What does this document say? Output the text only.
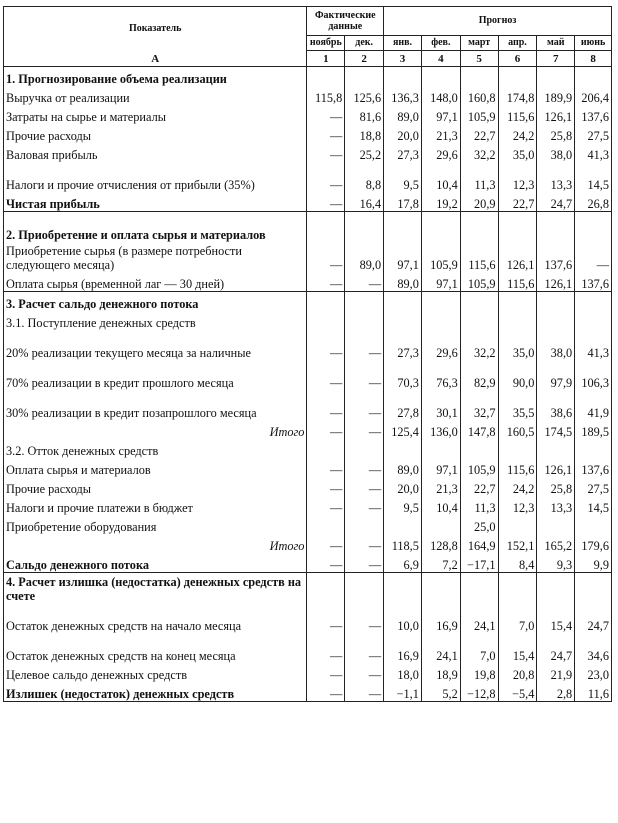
Показатель	Фактические данные		Прогноз					
	ноябрь	дек.	янв.	фев.	март	апр.	май	июнь
А	1	2	3	4	5	6	7	8
1. Прогнозирование объема реализации								
Выручка от реализации	115,8	125,6	136,3	148,0	160,8	174,8	189,9	206,4
Затраты на сырье и материалы	—	81,6	89,0	97,1	105,9	115,6	126,1	137,6
Прочие расходы	—	18,8	20,0	21,3	22,7	24,2	25,8	27,5
Валовая прибыль	—	25,2	27,3	29,6	32,2	35,0	38,0	41,3
Налоги и прочие отчисления от прибыли (35%)	—	8,8	9,5	10,4	11,3	12,3	13,3	14,5
Чистая прибыль	—	16,4	17,8	19,2	20,9	22,7	24,7	26,8
2. Приобретение и оплата сырья и материалов								
Приобретение сырья (в размере потребности следующего месяца)	—	89,0	97,1	105,9	115,6	126,1	137,6	—
Оплата сырья (временной лаг — 30 дней)	—	—	89,0	97,1	105,9	115,6	126,1	137,6
3. Расчет сальдо денежного потока								
3.1. Поступление денежных средств								
20% реализации текущего месяца за наличные	—	—	27,3	29,6	32,2	35,0	38,0	41,3
70% реализации в кредит прошлого месяца	—	—	70,3	76,3	82,9	90,0	97,9	106,3
30% реализации в кредит позапрошлого месяца	—	—	27,8	30,1	32,7	35,5	38,6	41,9
Итого	—	—	125,4	136,0	147,8	160,5	174,5	189,5
3.2. Отток денежных средств								
Оплата сырья и материалов	—	—	89,0	97,1	105,9	115,6	126,1	137,6
Прочие расходы	—	—	20,0	21,3	22,7	24,2	25,8	27,5
Налоги и прочие платежи в бюджет	—	—	9,5	10,4	11,3	12,3	13,3	14,5
Приобретение оборудования					25,0			
Итого	—	—	118,5	128,8	164,9	152,1	165,2	179,6
Сальдо денежного потока	—	—	6,9	7,2	−17,1	8,4	9,3	9,9
4. Расчет излишка (недостатка) денежных средств на счете								
Остаток денежных средств на начало месяца	—	—	10,0	16,9	24,1	7,0	15,4	24,7
Остаток денежных средств на конец месяца	—	—	16,9	24,1	7,0	15,4	24,7	34,6
Целевое сальдо денежных средств	—	—	18,0	18,9	19,8	20,8	21,9	23,0
Излишек (недостаток) денежных средств	—	—	−1,1	5,2	−12,8	−5,4	2,8	11,6
